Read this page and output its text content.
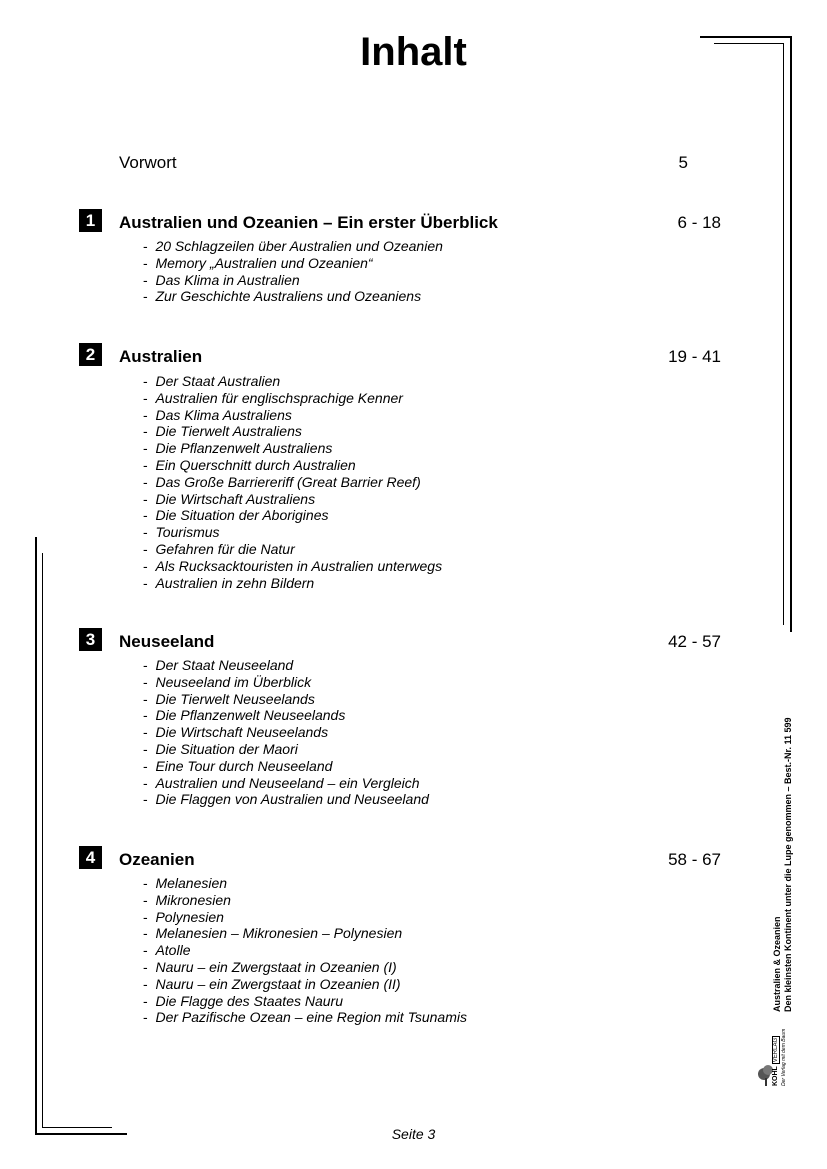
Inhalt
Vorwort	5
1	Australien und Ozeanien – Ein erster Überblick	6 - 18
- 20 Schlagzeilen über Australien und Ozeanien
- Memory „Australien und Ozeanien“
- Das Klima in Australien
- Zur Geschichte Australiens und Ozeaniens
2	Australien	19 - 41
- Der Staat Australien
- Australien für englischsprachige Kenner
- Das Klima Australiens
- Die Tierwelt Australiens
- Die Pflanzenwelt Australiens
- Ein Querschnitt durch Australien
- Das Große Barriereriff (Great Barrier Reef)
- Die Wirtschaft Australiens
- Die Situation der Aborigines
- Tourismus
- Gefahren für die Natur
- Als Rucksacktouristen in Australien unterwegs
- Australien in zehn Bildern
3	Neuseeland	42 - 57
- Der Staat Neuseeland
- Neuseeland im Überblick
- Die Tierwelt Neuseelands
- Die Pflanzenwelt Neuseelands
- Die Wirtschaft Neuseelands
- Die Situation der Maori
- Eine Tour durch Neuseeland
- Australien und Neuseeland – ein Vergleich
- Die Flaggen von Australien und Neuseeland
4	Ozeanien	58 - 67
- Melanesien
- Mikronesien
- Polynesien
- Melanesien – Mikronesien – Polynesien
- Atolle
- Nauru – ein Zwergstaat in Ozeanien (I)
- Nauru – ein Zwergstaat in Ozeanien (II)
- Die Flagge des Staates Nauru
- Der Pazifische Ozean – eine Region mit Tsunamis
Australien & Ozeanien Den kleinsten Kontinent unter die Lupe genommen – Best.-Nr. 11 599
KOHL VERLAG Der Verlag mit dem Baum
Seite 3
